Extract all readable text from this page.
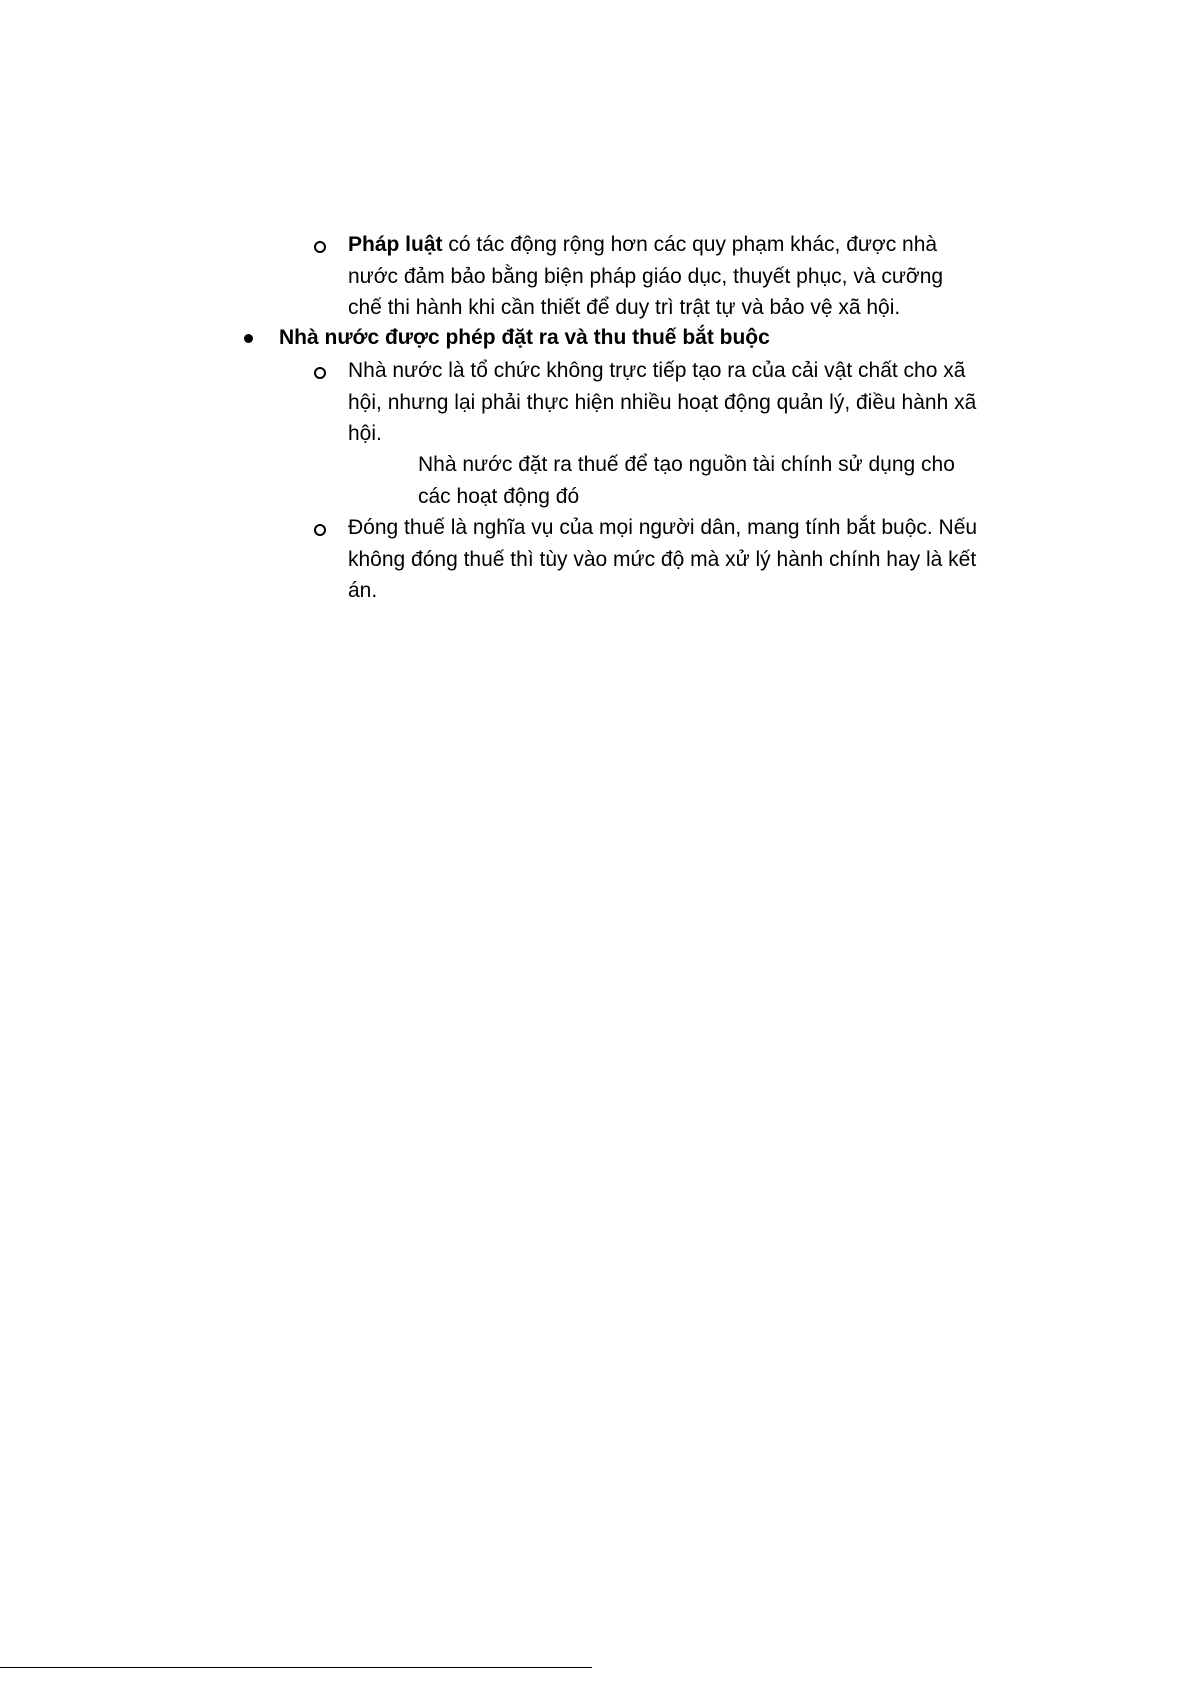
Pháp luật có tác động rộng hơn các quy phạm khác, được nhà
nước đảm bảo bằng biện pháp giáo dục, thuyết phục, và cưỡng
chế thi hành khi cần thiết để duy trì trật tự và bảo vệ xã hội.
Nhà nước được phép đặt ra và thu thuế bắt buộc
Nhà nước là tổ chức không trực tiếp tạo ra của cải vật chất cho xã
hội, nhưng lại phải thực hiện nhiều hoạt động quản lý, điều hành xã
hội.
Nhà nước đặt ra thuế để tạo nguồn tài chính sử dụng cho
các hoạt động đó
Đóng thuế là nghĩa vụ của mọi người dân, mang tính bắt buộc. Nếu
không đóng thuế thì tùy vào mức độ mà xử lý hành chính hay là kết
án.
